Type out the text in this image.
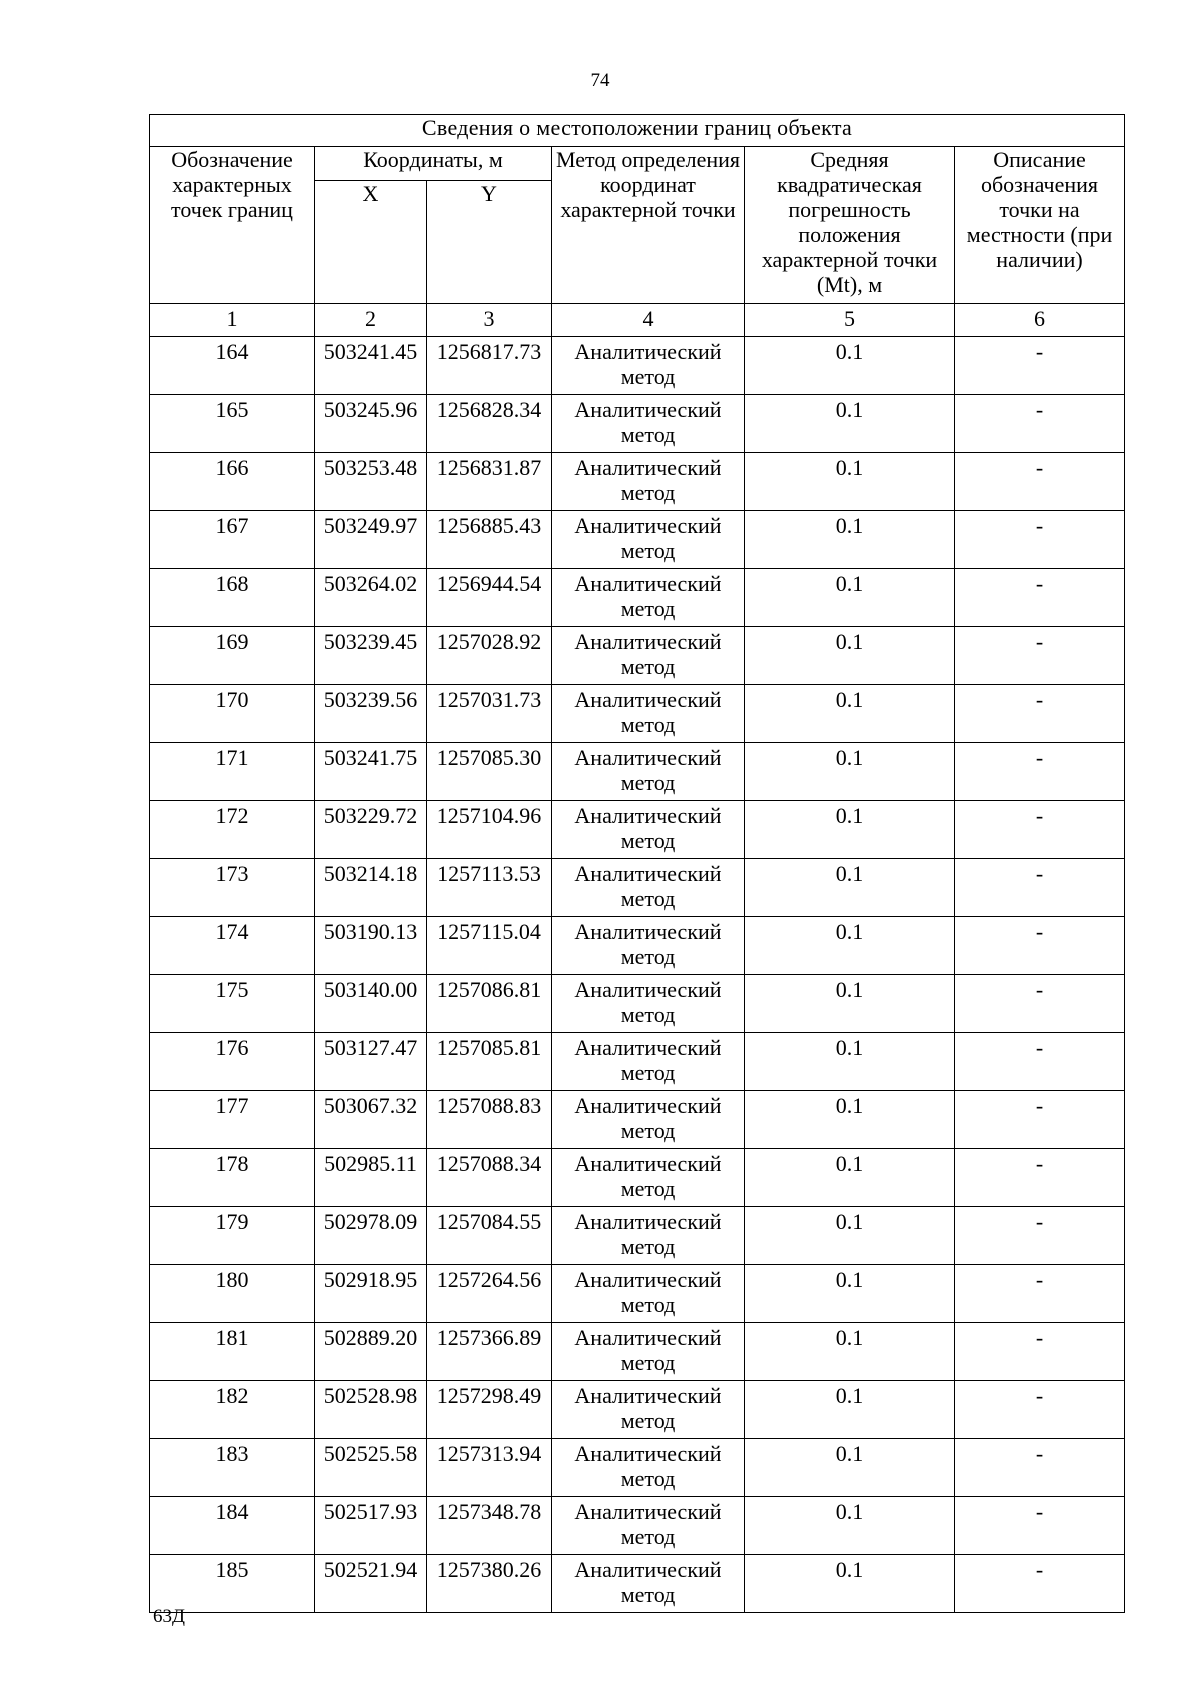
74
Сведения о местоположении границ объекта					
Обозначение характерных точек границ	Координаты, м		Метод определения координат характерной точки	Средняя квадратическая погрешность положения характерной точки (Mt), м	Описание обозначения точки на местности (при наличии)
	X	Y			
1	2	3	4	5	6
164	503241.45	1256817.73	Аналитический метод	0.1	-
165	503245.96	1256828.34	Аналитический метод	0.1	-
166	503253.48	1256831.87	Аналитический метод	0.1	-
167	503249.97	1256885.43	Аналитический метод	0.1	-
168	503264.02	1256944.54	Аналитический метод	0.1	-
169	503239.45	1257028.92	Аналитический метод	0.1	-
170	503239.56	1257031.73	Аналитический метод	0.1	-
171	503241.75	1257085.30	Аналитический метод	0.1	-
172	503229.72	1257104.96	Аналитический метод	0.1	-
173	503214.18	1257113.53	Аналитический метод	0.1	-
174	503190.13	1257115.04	Аналитический метод	0.1	-
175	503140.00	1257086.81	Аналитический метод	0.1	-
176	503127.47	1257085.81	Аналитический метод	0.1	-
177	503067.32	1257088.83	Аналитический метод	0.1	-
178	502985.11	1257088.34	Аналитический метод	0.1	-
179	502978.09	1257084.55	Аналитический метод	0.1	-
180	502918.95	1257264.56	Аналитический метод	0.1	-
181	502889.20	1257366.89	Аналитический метод	0.1	-
182	502528.98	1257298.49	Аналитический метод	0.1	-
183	502525.58	1257313.94	Аналитический метод	0.1	-
184	502517.93	1257348.78	Аналитический метод	0.1	-
185	502521.94	1257380.26	Аналитический метод	0.1	-
63Д
